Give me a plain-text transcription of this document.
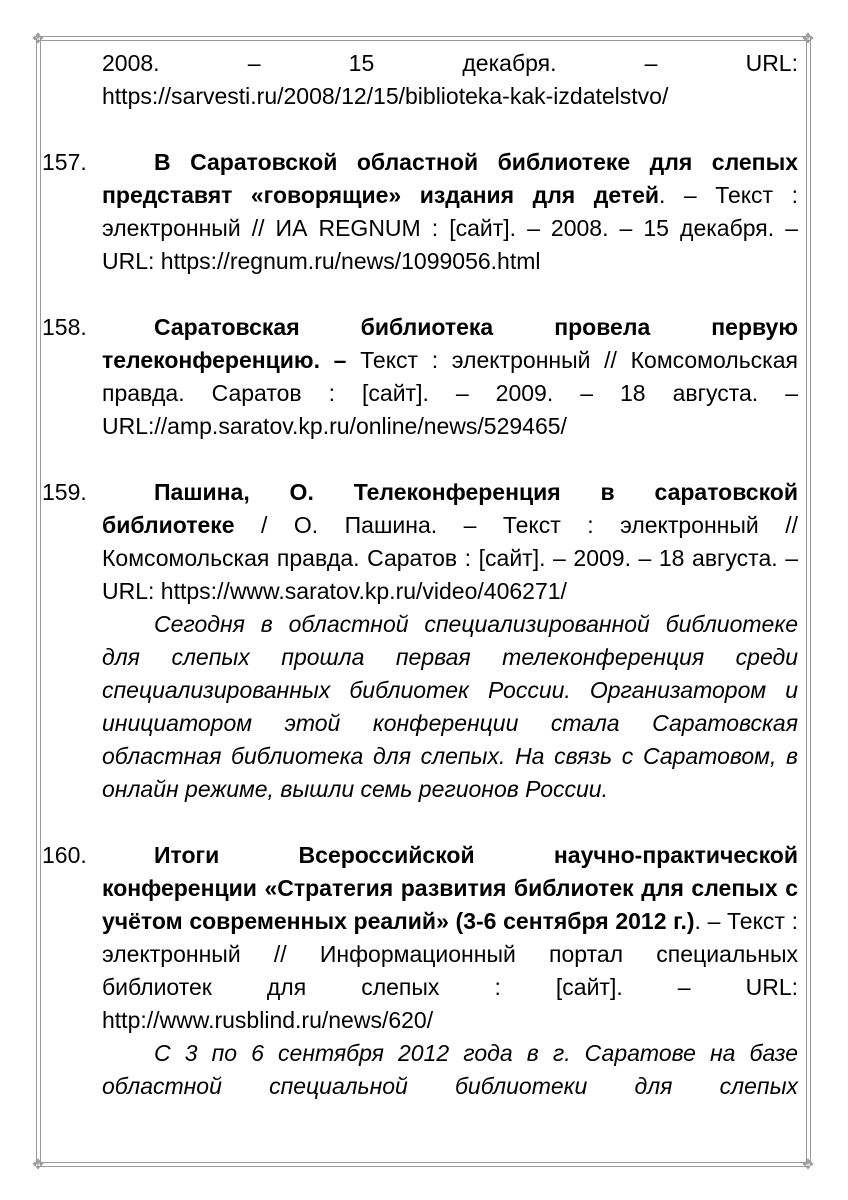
✥	✥
✥	✥

2008. – 15 декабря. – URL:

https://sarvesti.ru/2008/12/15/biblioteka-kak-izdatelstvo/

157.	В Саратовской областной библиотеке для слепых представят «говорящие» издания для детей. – Текст : электронный // ИА REGNUM : [сайт]. – 2008. – 15 декабря. – URL: https://regnum.ru/news/1099056.html

158.	Саратовская библиотека провела первую телеконференцию. – Текст : электронный // Комсомольская правда. Саратов : [сайт]. – 2009. – 18 августа. – URL://amp.saratov.kp.ru/online/news/529465/

159.	Пашина, О. Телеконференция в саратовской библиотеке / О. Пашина. – Текст : электронный // Комсомольская правда. Саратов : [сайт]. – 2009. – 18 августа. – URL: https://www.saratov.kp.ru/video/406271/

Сегодня в областной специализированной библиотеке для слепых прошла первая телеконференция среди специализированных библиотек России. Организатором и инициатором этой конференции стала Саратовская областная библиотека для слепых. На связь с Саратовом, в онлайн режиме, вышли семь регионов России.

160.	Итоги Всероссийской научно-практической конференции «Стратегия развития библиотек для слепых с учётом современных реалий» (3-6 сентября 2012 г.). – Текст : электронный // Информационный портал специальных библиотек для слепых : [сайт]. – URL: http://www.rusblind.ru/news/620/

С 3 по 6 сентября 2012 года в г. Саратове на базе областной специальной библиотеки для слепых
